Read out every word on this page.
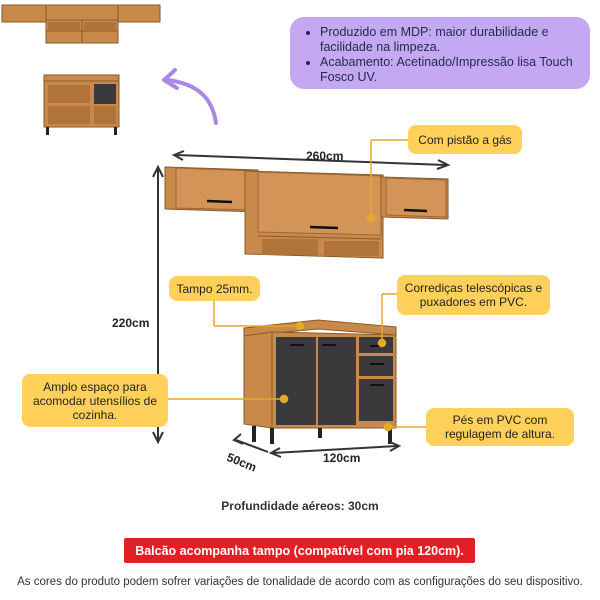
• Produzido em MDP: maior durabilidade e facilidade na limpeza.
• Acabamento: Acetinado/Impressão lisa Touch Fosco UV.
Com pistão a gás
Tampo 25mm.	Corrediças telescópicas e puxadores em PVC.
Amplo espaço para acomodar utensílios de cozinha.	Pés em PVC com regulagem de altura.
260cm
220cm
120cm
50cm
Profundidade aéreos: 30cm
Balcão acompanha tampo (compatível com pia 120cm).
As cores do produto podem sofrer variações de tonalidade de acordo com as configurações do seu dispositivo.
